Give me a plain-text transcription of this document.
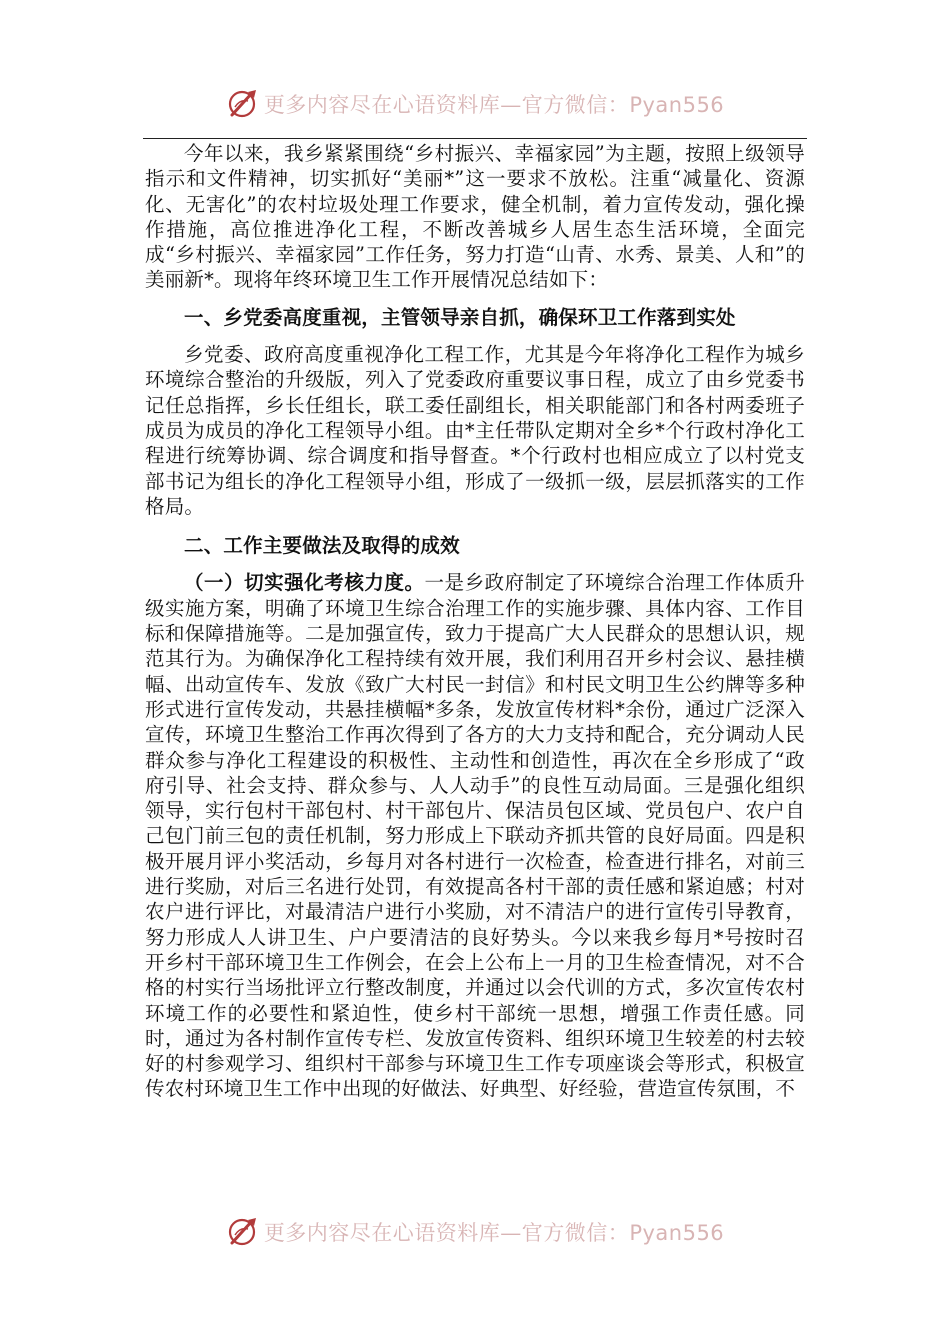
更多内容尽在心语资料库—官方微信：Pyan556

今年以来，我乡紧紧围绕“乡村振兴、幸福家园”为主题，按照上级领导指示和文件精神，切实抓好“美丽*”这一要求不放松。注重“减量化、资源化、无害化”的农村垃圾处理工作要求，健全机制，着力宣传发动，强化操作措施，高位推进净化工程，不断改善城乡人居生态生活环境，全面完成“乡村振兴、幸福家园”工作任务，努力打造“山青、水秀、景美、人和”的美丽新*。现将年终环境卫生工作开展情况总结如下：

一、乡党委高度重视，主管领导亲自抓，确保环卫工作落到实处

乡党委、政府高度重视净化工程工作，尤其是今年将净化工程作为城乡环境综合整治的升级版，列入了党委政府重要议事日程，成立了由乡党委书记任总指挥，乡长任组长，联工委任副组长，相关职能部门和各村两委班子成员为成员的净化工程领导小组。由*主任带队定期对全乡*个行政村净化工程进行统筹协调、综合调度和指导督查。*个行政村也相应成立了以村党支部书记为组长的净化工程领导小组，形成了一级抓一级，层层抓落实的工作格局。

二、工作主要做法及取得的成效

（一）切实强化考核力度。一是乡政府制定了环境综合治理工作体质升级实施方案，明确了环境卫生综合治理工作的实施步骤、具体内容、工作目标和保障措施等。二是加强宣传，致力于提高广大人民群众的思想认识，规范其行为。为确保净化工程持续有效开展，我们利用召开乡村会议、悬挂横幅、出动宣传车、发放《致广大村民一封信》和村民文明卫生公约牌等多种形式进行宣传发动，共悬挂横幅*多条，发放宣传材料*余份，通过广泛深入宣传，环境卫生整治工作再次得到了各方的大力支持和配合，充分调动人民群众参与净化工程建设的积极性、主动性和创造性，再次在全乡形成了“政府引导、社会支持、群众参与、人人动手”的良性互动局面。三是强化组织领导，实行包村干部包村、村干部包片、保洁员包区域、党员包户、农户自己包门前三包的责任机制，努力形成上下联动齐抓共管的良好局面。四是积极开展月评小奖活动，乡每月对各村进行一次检查，检查进行排名，对前三进行奖励，对后三名进行处罚，有效提高各村干部的责任感和紧迫感；村对农户进行评比，对最清洁户进行小奖励，对不清洁户的进行宣传引导教育，努力形成人人讲卫生、户户要清洁的良好势头。今以来我乡每月*号按时召开乡村干部环境卫生工作例会，在会上公布上一月的卫生检查情况，对不合格的村实行当场批评立行整改制度，并通过以会代训的方式，多次宣传农村环境工作的必要性和紧迫性，使乡村干部统一思想，增强工作责任感。同时，通过为各村制作宣传专栏、发放宣传资料、组织环境卫生较差的村去较好的村参观学习、组织村干部参与环境卫生工作专项座谈会等形式，积极宣传农村环境卫生工作中出现的好做法、好典型、好经验，营造宣传氛围，不

更多内容尽在心语资料库—官方微信：Pyan556
